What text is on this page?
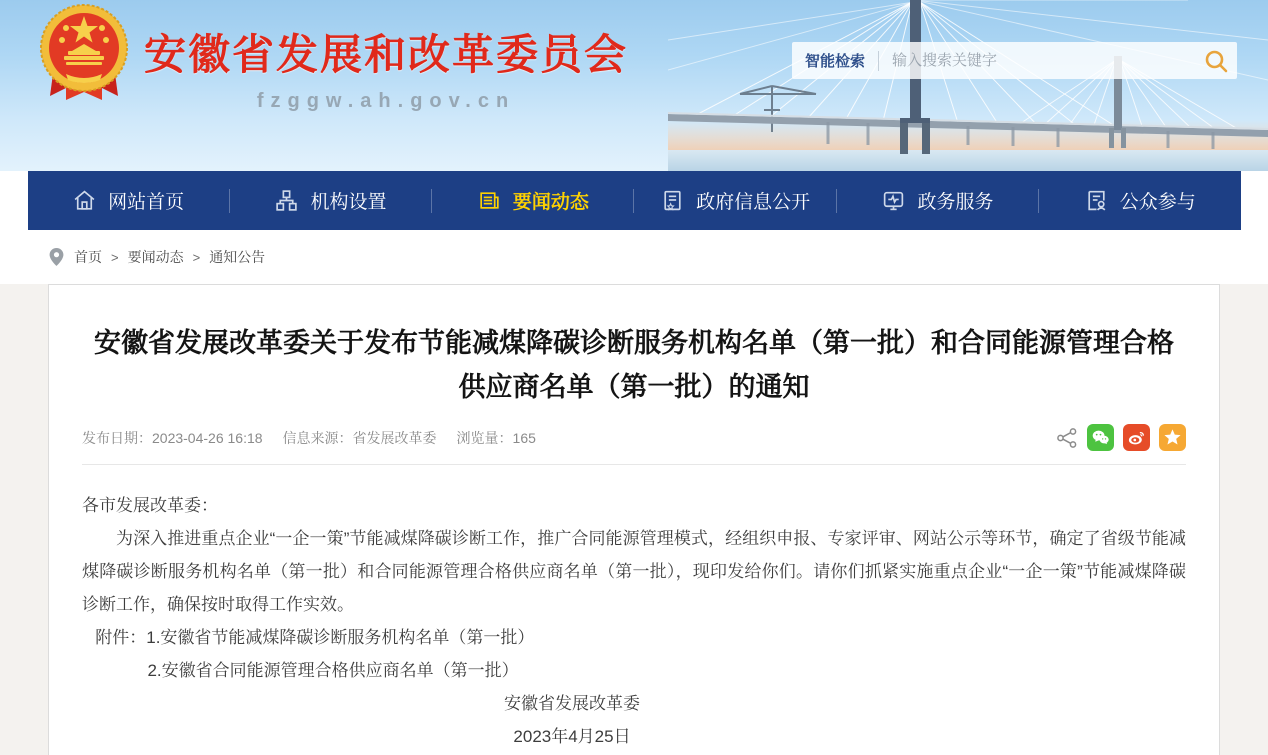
安徽省发展和改革委员会
fzggw.ah.gov.cn
智能检索
输入搜索关键字
网站首页	机构设置	要闻动态	政府信息公开	政务服务	公众参与
首页 > 要闻动态 > 通知公告
安徽省发展改革委关于发布节能减煤降碳诊断服务机构名单（第一批）和合同能源管理合格供应商名单（第一批）的通知
发布日期：2023-04-26 16:18 信息来源：省发展改革委 浏览量：165

各市发展改革委：

为深入推进重点企业“一企一策”节能减煤降碳诊断工作，推广合同能源管理模式，经组织申报、专家评审、网站公示等环节，确定了省级节能减煤降碳诊断服务机构名单（第一批）和合同能源管理合格供应商名单（第一批），现印发给你们。请你们抓紧实施重点企业“一企一策”节能减煤降碳诊断工作，确保按时取得工作实效。

附件：1.安徽省节能减煤降碳诊断服务机构名单（第一批）

2.安徽省合同能源管理合格供应商名单（第一批）

安徽省发展改革委

2023年4月25日
